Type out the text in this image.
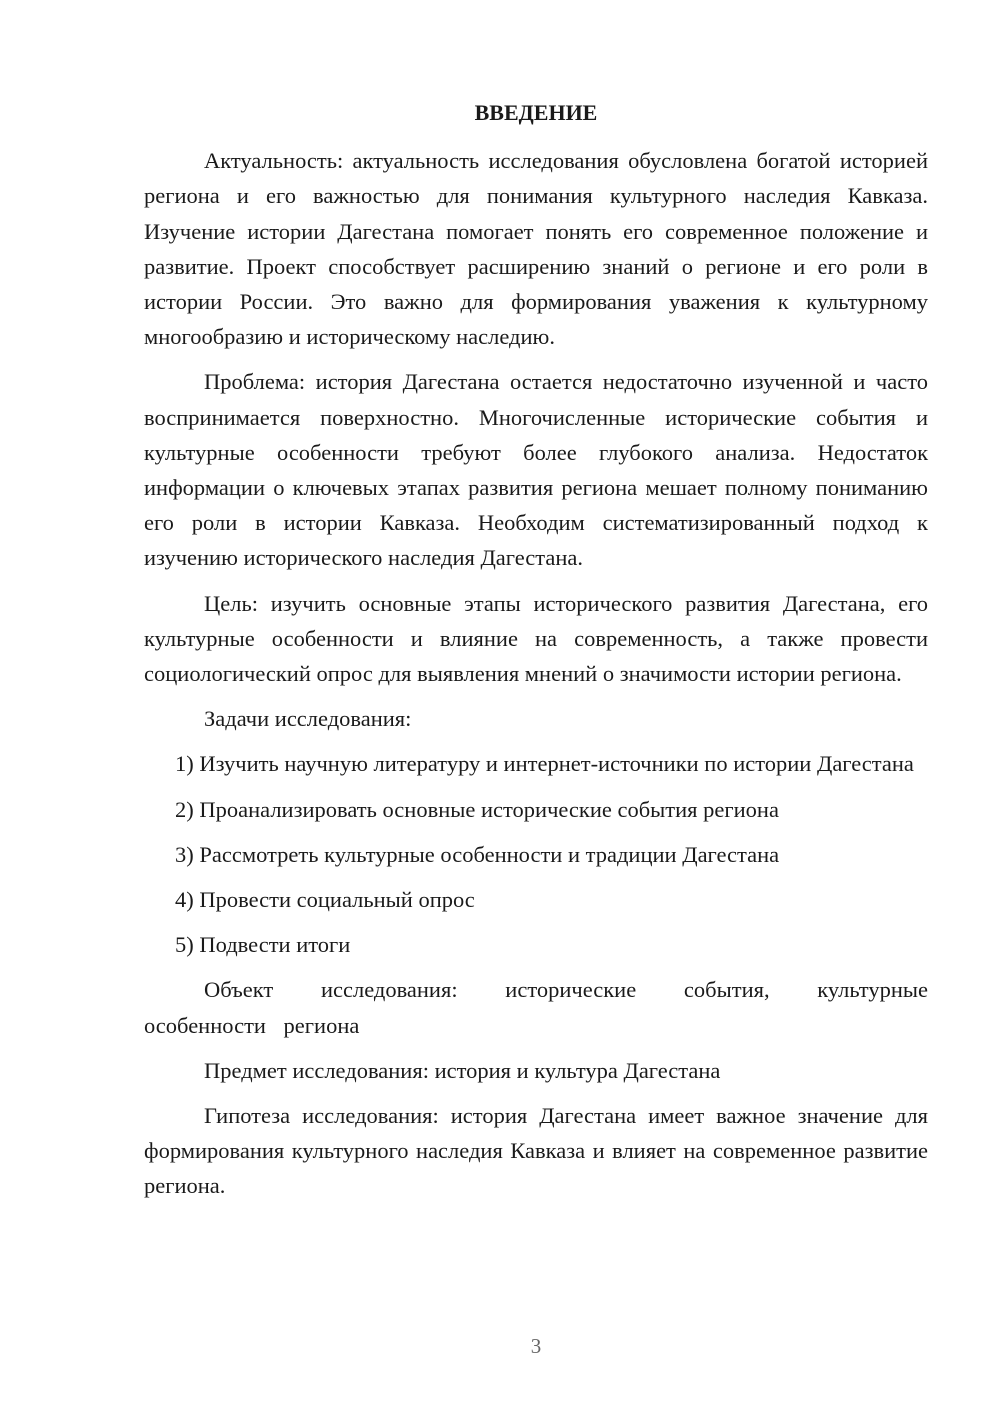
ВВЕДЕНИЕ

Актуальность: актуальность исследования обусловлена богатой историей региона и его важностью для понимания культурного наследия Кавказа. Изучение истории Дагестана помогает понять его современное положение и развитие. Проект способствует расширению знаний о регионе и его роли в истории России. Это важно для формирования уважения к культурному многообразию и историческому наследию.

Проблема: история Дагестана остается недостаточно изученной и часто воспринимается поверхностно. Многочисленные исторические события и культурные особенности требуют более глубокого анализа. Недостаток информации о ключевых этапах развития региона мешает полному пониманию его роли в истории Кавказа. Необходим систематизированный подход к изучению исторического наследия Дагестана.

Цель: изучить основные этапы исторического развития Дагестана, его культурные особенности и влияние на современность, а также провести социологический опрос для выявления мнений о значимости истории региона.

Задачи исследования:

1) Изучить научную литературу и интернет-источники по истории Дагестана

2) Проанализировать основные исторические события региона

3) Рассмотреть культурные особенности и традиции Дагестана

4) Провести социальный опрос

5) Подвести итоги

Объект исследования: исторические события, культурные особенности региона

Предмет исследования: история и культура Дагестана

Гипотеза исследования: история Дагестана имеет важное значение для формирования культурного наследия Кавказа и влияет на современное развитие региона.

3
